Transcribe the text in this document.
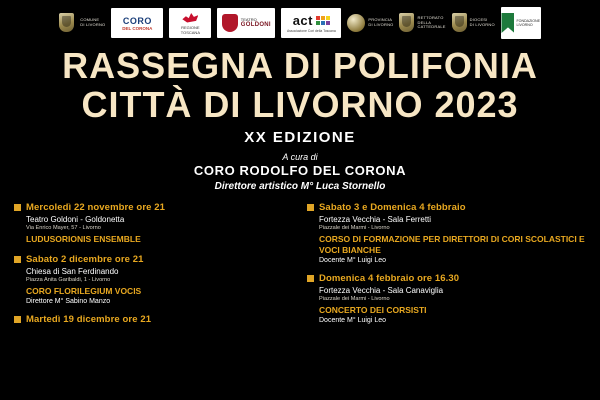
COMUNE
DI LIVORNO CORO
DEL CORONA	REGIONE
TOSCANA
TEATRO
GOLDONI act
Associazione Cori della Toscana
PROVINCIA
DI LIVORNO
RETTORATO
DELLA
CATTEDRALE
DIOCESI
DI LIVORNO
FONDAZIONE
LIVORNO
RASSEGNA DI POLIFONIA
CITTÀ DI LIVORNO 2023
XX EDIZIONE
A cura di
CORO RODOLFO DEL CORONA
Direttore artistico M° Luca Stornello
Mercoledì 22 novembre ore 21
Teatro Goldoni - Goldonetta
Via Enrico Mayer, 57 - Livorno
LUDUSORIONIS ENSEMBLE
Sabato 2 dicembre ore 21
Chiesa di San Ferdinando
Piazza Anita Garibaldi, 1 - Livorno
CORO FLORILEGIUM VOCIS
Direttore M° Sabino Manzo
Martedì 19 dicembre ore 21
Sabato 3 e Domenica 4 febbraio
Fortezza Vecchia - Sala Ferretti
Piazzale dei Marmi - Livorno
CORSO DI FORMAZIONE PER DIRETTORI DI CORI SCOLASTICI E VOCI BIANCHE
Docente M° Luigi Leo
Domenica 4 febbraio ore 16.30
Fortezza Vecchia - Sala Canaviglia
Piazzale dei Marmi - Livorno
CONCERTO DEI CORSISTI
Docente M° Luigi Leo
